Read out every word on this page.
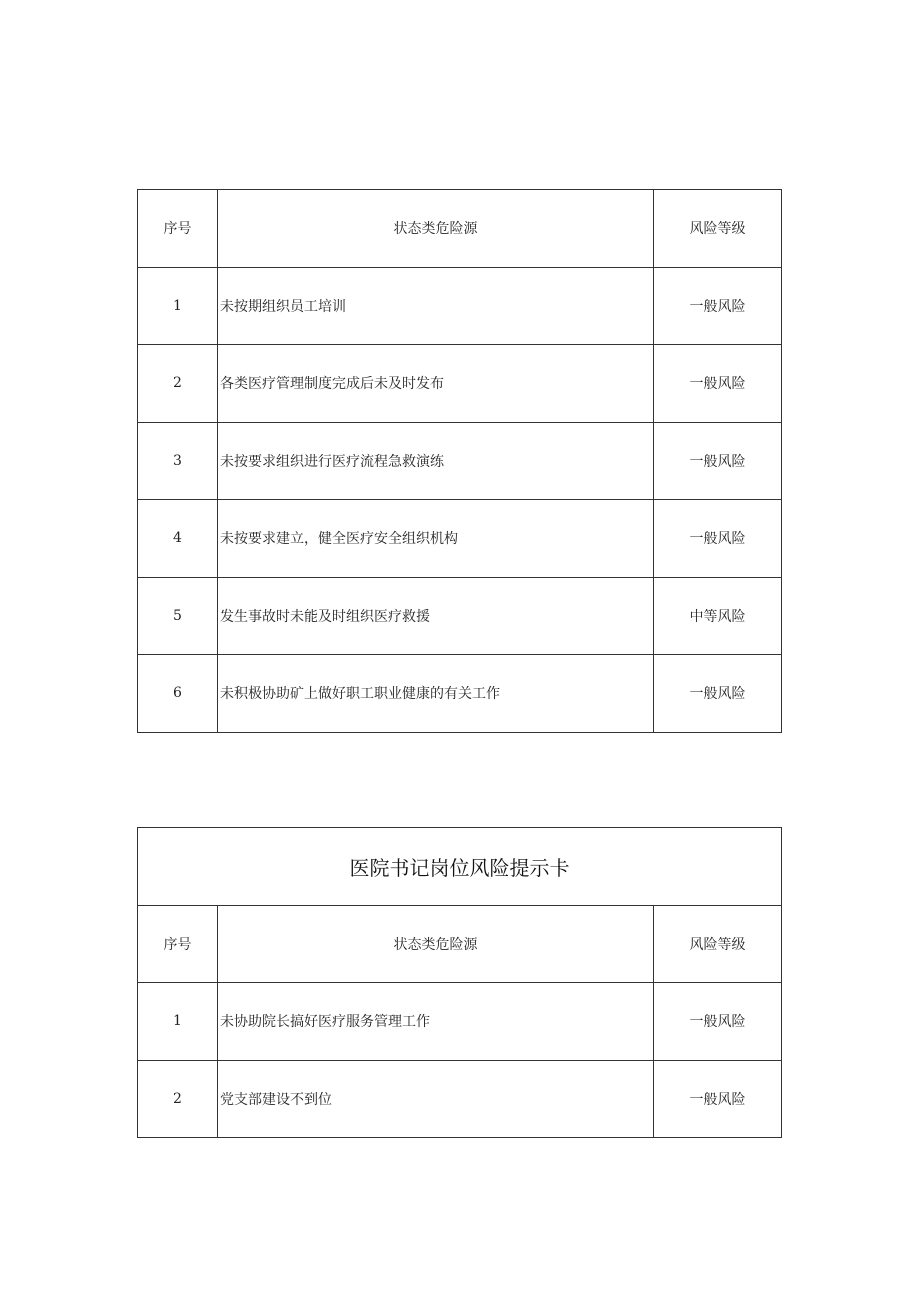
序号	状态类危险源	风险等级
1	未按期组织员工培训	一般风险
2	各类医疗管理制度完成后未及时发布	一般风险
3	未按要求组织进行医疗流程急救演练	一般风险
4	未按要求建立，健全医疗安全组织机构	一般风险
5	发生事故时未能及时组织医疗救援	中等风险
6	未积极协助矿上做好职工职业健康的有关工作	一般风险
医院书记岗位风险提示卡		
序号	状态类危险源	风险等级
1	未协助院长搞好医疗服务管理工作	一般风险
2	党支部建设不到位	一般风险
